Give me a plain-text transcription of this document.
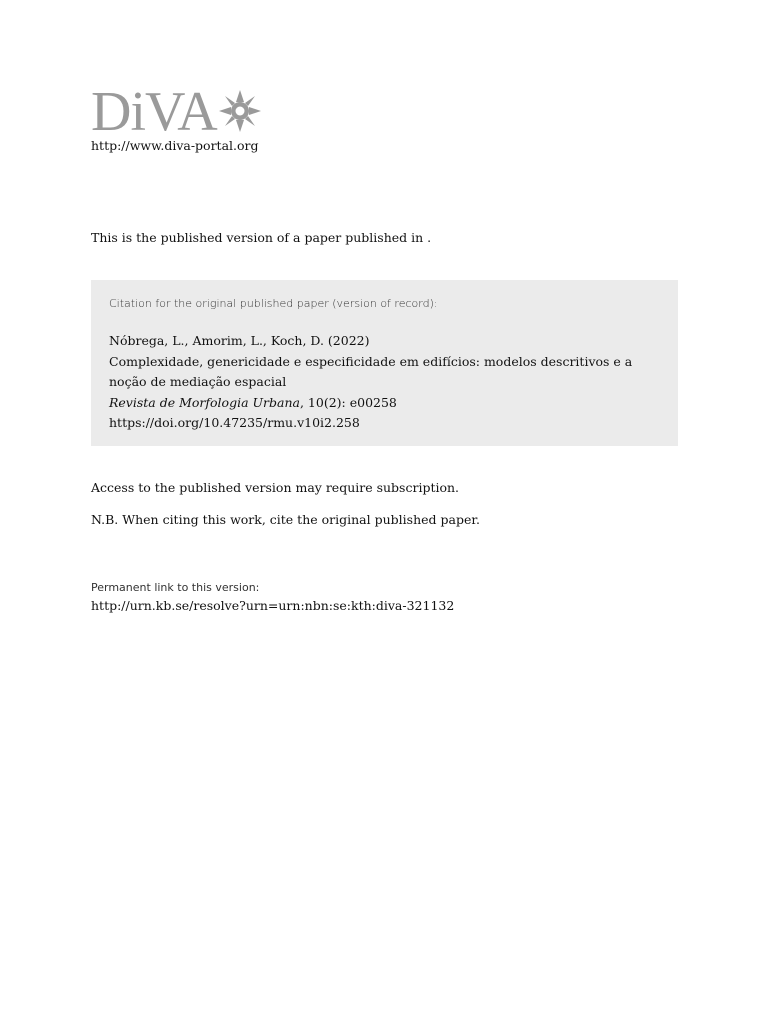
DiVA
http://www.diva-portal.org
This is the published version of a paper published in .
Citation for the original published paper (version of record):
Nóbrega, L., Amorim, L., Koch, D. (2022)
Complexidade, genericidade e especificidade em edifícios: modelos descritivos e a
noção de mediação espacial
Revista de Morfologia Urbana, 10(2): e00258
https://doi.org/10.47235/rmu.v10i2.258
Access to the published version may require subscription.
N.B. When citing this work, cite the original published paper.
Permanent link to this version:
http://urn.kb.se/resolve?urn=urn:nbn:se:kth:diva-321132
